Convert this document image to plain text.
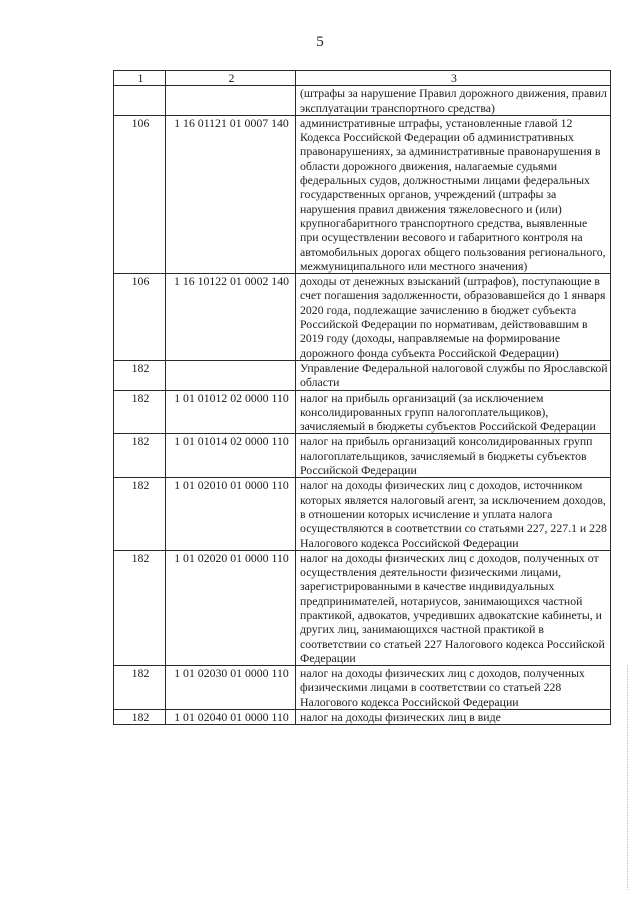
5
1	2	3
		(штрафы за нарушение Правил дорожного движения, правил эксплуатации транспортного средства)
106	1 16 01121 01 0007 140	административные штрафы, установленные главой 12 Кодекса Российской Федерации об административных правонарушениях, за административные правонарушения в области дорожного движения, налагаемые судьями федеральных судов, должностными лицами федеральных государственных органов, учреждений (штрафы за нарушения правил движения тяжеловесного и (или) крупногабаритного транспортного средства, выявленные при осуществлении весового и габаритного контроля на автомобильных дорогах общего пользования регионального, межмуниципального или местного значения)
106	1 16 10122 01 0002 140	доходы от денежных взысканий (штрафов), поступающие в счет погашения задолженности, образовавшейся до 1 января 2020 года, подлежащие зачислению в бюджет субъекта Российской Федерации по нормативам, действовавшим в 2019 году (доходы, направляемые на формирование дорожного фонда субъекта Российской Федерации)
182		Управление Федеральной налоговой службы по Ярославской области
182	1 01 01012 02 0000 110	налог на прибыль организаций (за исключением консолидированных групп налогоплательщиков), зачисляемый в бюджеты субъектов Российской Федерации
182	1 01 01014 02 0000 110	налог на прибыль организаций консолидированных групп налогоплательщиков, зачисляемый в бюджеты субъектов Российской Федерации
182	1 01 02010 01 0000 110	налог на доходы физических лиц с доходов, источником которых является налоговый агент, за исключением доходов, в отношении которых исчисление и уплата налога осуществляются в соответствии со статьями 227, 227.1 и 228 Налогового кодекса Российской Федерации
182	1 01 02020 01 0000 110	налог на доходы физических лиц с доходов, полученных от осуществления деятельности физическими лицами, зарегистрированными в качестве индивидуальных предпринимателей, нотариусов, занимающихся частной практикой, адвокатов, учредивших адвокатские кабинеты, и других лиц, занимающихся частной практикой в соответствии со статьей 227 Налогового кодекса Российской Федерации
182	1 01 02030 01 0000 110	налог на доходы физических лиц с доходов, полученных физическими лицами в соответствии со статьей 228 Налогового кодекса Российской Федерации
182	1 01 02040 01 0000 110	налог на доходы физических лиц в виде
